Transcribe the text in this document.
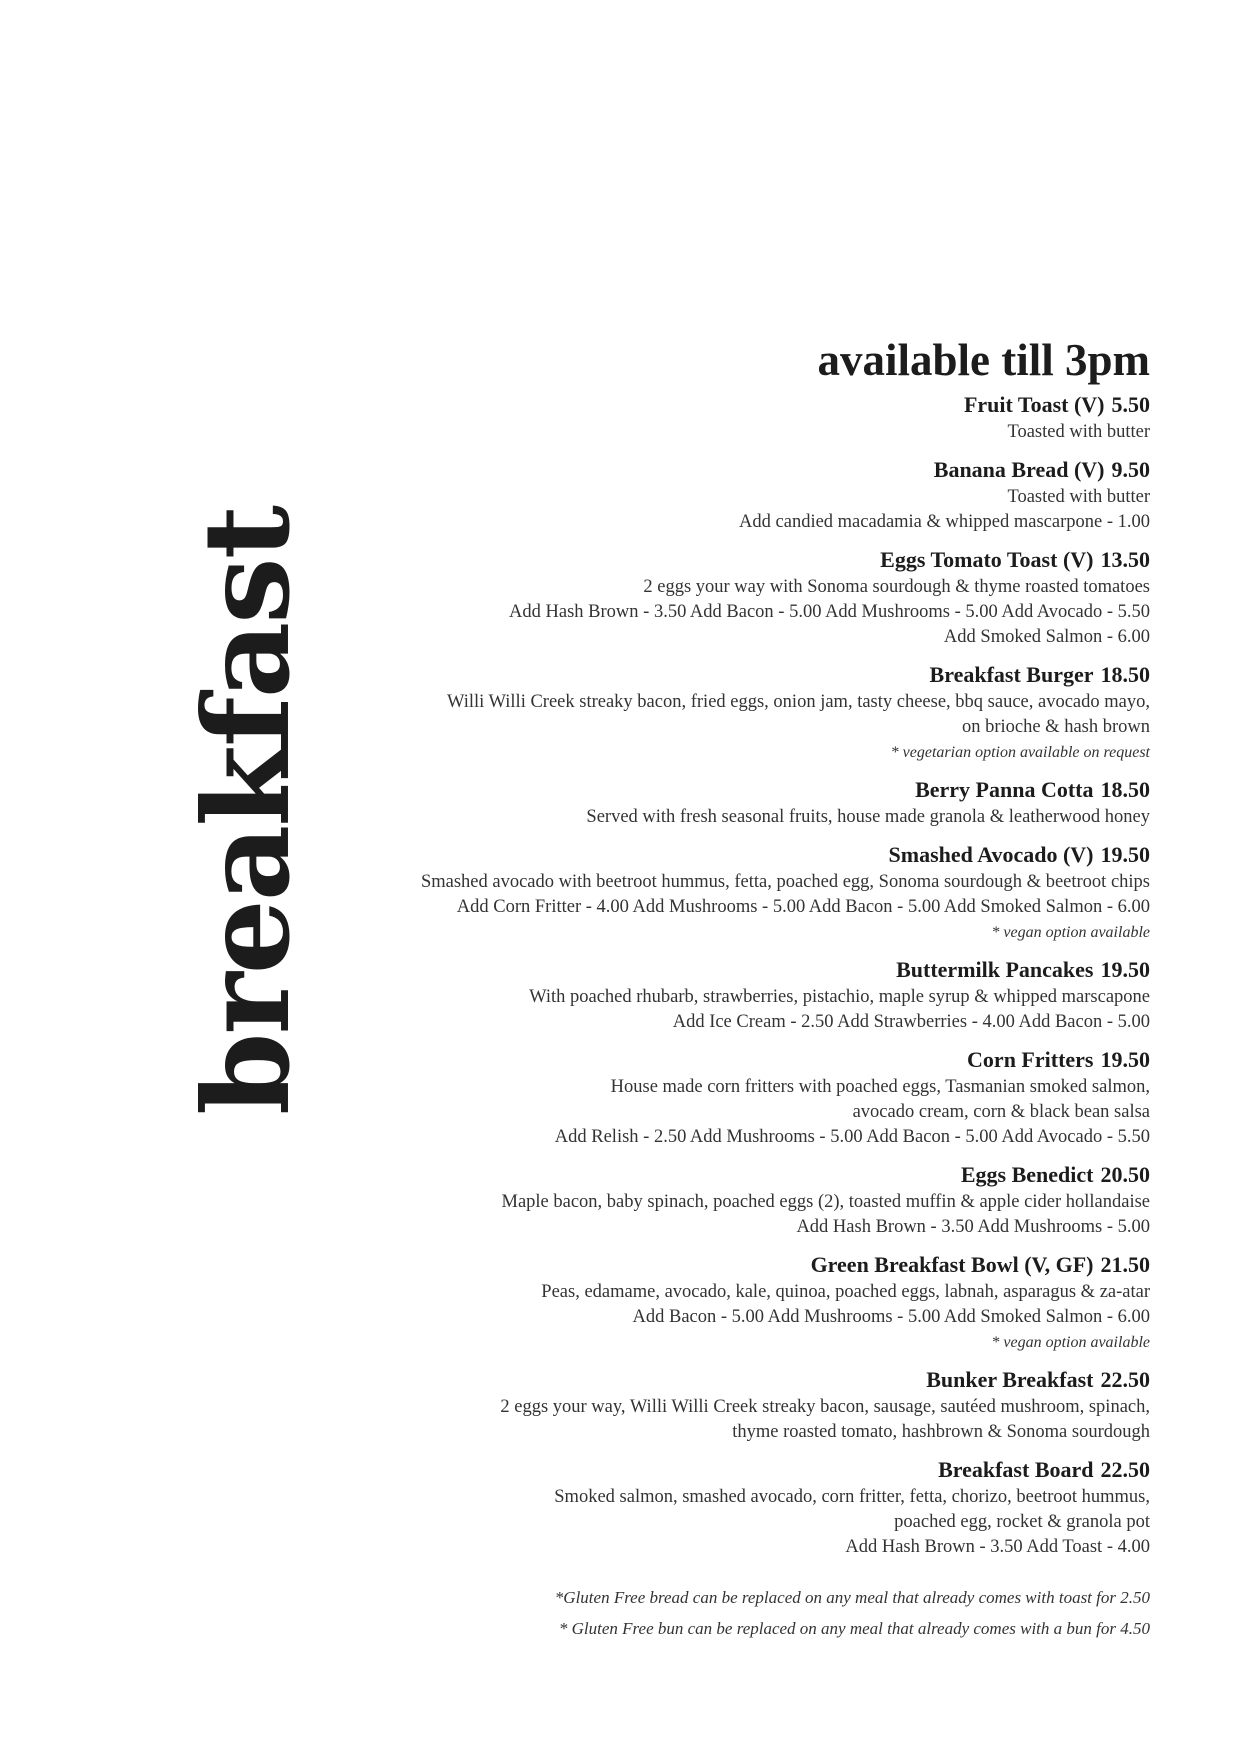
breakfast
available till 3pm
Fruit Toast (V) 5.50
Toasted with butter
Banana Bread (V) 9.50
Toasted with butter
Add candied macadamia & whipped mascarpone - 1.00
Eggs Tomato Toast (V) 13.50
2 eggs your way with Sonoma sourdough & thyme roasted tomatoes
Add Hash Brown - 3.50 Add Bacon - 5.00 Add Mushrooms - 5.00 Add Avocado - 5.50
Add Smoked Salmon - 6.00
Breakfast Burger 18.50
Willi Willi Creek streaky bacon, fried eggs, onion jam, tasty cheese, bbq sauce, avocado mayo,
on brioche & hash brown
* vegetarian option available on request
Berry Panna Cotta 18.50
Served with fresh seasonal fruits, house made granola & leatherwood honey
Smashed Avocado (V) 19.50
Smashed avocado with beetroot hummus, fetta, poached egg, Sonoma sourdough & beetroot chips
Add Corn Fritter - 4.00 Add Mushrooms - 5.00 Add Bacon - 5.00 Add Smoked Salmon - 6.00
* vegan option available
Buttermilk Pancakes 19.50
With poached rhubarb, strawberries, pistachio, maple syrup & whipped marscapone
Add Ice Cream - 2.50 Add Strawberries - 4.00 Add Bacon - 5.00
Corn Fritters 19.50
House made corn fritters with poached eggs, Tasmanian smoked salmon,
avocado cream, corn & black bean salsa
Add Relish - 2.50 Add Mushrooms - 5.00 Add Bacon - 5.00 Add Avocado - 5.50
Eggs Benedict 20.50
Maple bacon, baby spinach, poached eggs (2), toasted muffin & apple cider hollandaise
Add Hash Brown - 3.50 Add Mushrooms - 5.00
Green Breakfast Bowl (V, GF) 21.50
Peas, edamame, avocado, kale, quinoa, poached eggs, labnah, asparagus & za-atar
Add Bacon - 5.00 Add Mushrooms - 5.00 Add Smoked Salmon - 6.00
* vegan option available
Bunker Breakfast 22.50
2 eggs your way, Willi Willi Creek streaky bacon, sausage, sautéed mushroom, spinach,
thyme roasted tomato, hashbrown & Sonoma sourdough
Breakfast Board 22.50
Smoked salmon, smashed avocado, corn fritter, fetta, chorizo, beetroot hummus,
poached egg, rocket & granola pot
Add Hash Brown - 3.50 Add Toast - 4.00
*Gluten Free bread can be replaced on any meal that already comes with toast for 2.50
* Gluten Free bun can be replaced on any meal that already comes with a bun for 4.50
